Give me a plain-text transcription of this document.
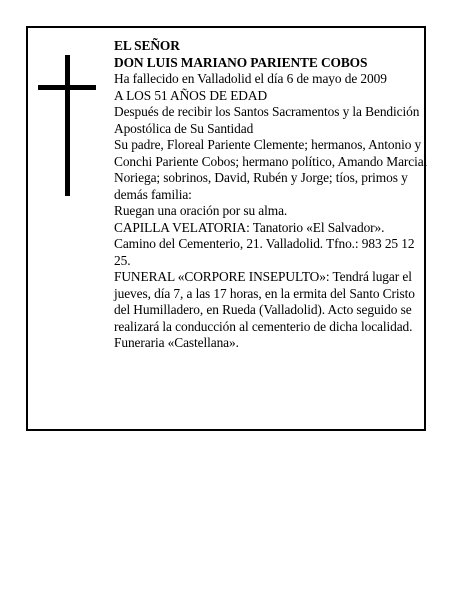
EL SEÑOR

DON LUIS MARIANO PARIENTE COBOS

Ha fallecido en Valladolid el día 6 de mayo de 2009

A LOS 51 AÑOS DE EDAD

Después de recibir los Santos Sacramentos y la Bendición Apostólica de Su Santidad

Su padre, Floreal Pariente Clemente; hermanos, Antonio y Conchi Pariente Cobos; hermano político, Amando Marcial Noriega; sobrinos, David, Rubén y Jorge; tíos, primos y demás familia:

Ruegan una oración por su alma.

CAPILLA VELATORIA: Tanatorio «El Salvador». Camino del Cementerio, 21. Valladolid. Tfno.: 983 25 12 25.

FUNERAL «CORPORE INSEPULTO»: Tendrá lugar el jueves, día 7, a las 17 horas, en la ermita del Santo Cristo del Humilladero, en Rueda (Valladolid). Acto seguido se realizará la conducción al cementerio de dicha localidad.

Funeraria «Castellana».
